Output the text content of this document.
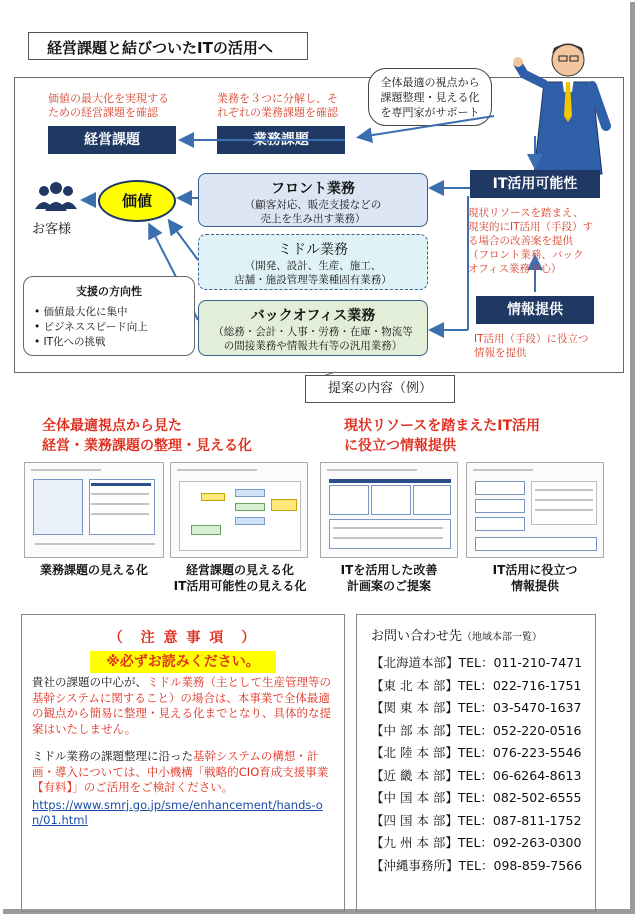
経営課題と結びついたITの活用へ
全体最適の視点から
課題整理・見える化
を専門家がサポート
価値の最大化を実現する
ための経営課題を確認
業務を３つに分解し、そ
れぞれの業務課題を確認
経営課題	業務課題
IT活用可能性
情報提供
お客様
価値
フロント業務
（顧客対応、販売支援などの
売上を生み出す業務）
ミドル業務
（開発、設計、生産、施工、
店舗・施設管理等業種固有業務）
バックオフィス業務
（総務・会計・人事・労務・在庫・物流等
の間接業務や情報共有等の汎用業務）
現状リソースを踏まえ、
現実的にIT活用（手段）す
る場合の改善案を提供
（フロント業務、バック
オフィス業務中心）
IT活用（手段）に役立つ
情報を提供
支援の方向性
• 価値最大化に集中
• ビジネススピード向上
• IT化への挑戦
提案の内容（例）
全体最適視点から見た
経営・業務課題の整理・見える化
現状リソースを踏まえたIT活用
に役立つ情報提供
業務課題の見える化	経営課題の見える化
IT活用可能性の見える化
ITを活用した改善
計画案のご提案
IT活用に役立つ
情報提供
（　注 意 事 項　）
※必ずお読みください。
貴社の課題の中心が、ミドル業務（主として生産管理等の基幹システムに関すること）の場合は、本事業で全体最適の観点から簡易に整理・見える化までとなり、具体的な提案はいたしません。
ミドル業務の課題整理に沿った基幹システムの構想・計画・導入については、中小機構「戦略的CIO育成支援事業【有料】」のご活用をご検討ください。
https://www.smrj.go.jp/sme/enhancement/hands-on/01.html
お問い合わせ先（地域本部一覧）
【北海道本部】TEL：011-210-7471
【東 北 本 部】TEL：022-716-1751
【関 東 本 部】TEL：03-5470-1637
【中 部 本 部】TEL：052-220-0516
【北 陸 本 部】TEL：076-223-5546
【近 畿 本 部】TEL：06-6264-8613
【中 国 本 部】TEL：082-502-6555
【四 国 本 部】TEL：087-811-1752
【九 州 本 部】TEL：092-263-0300
【沖縄事務所】TEL：098-859-7566
